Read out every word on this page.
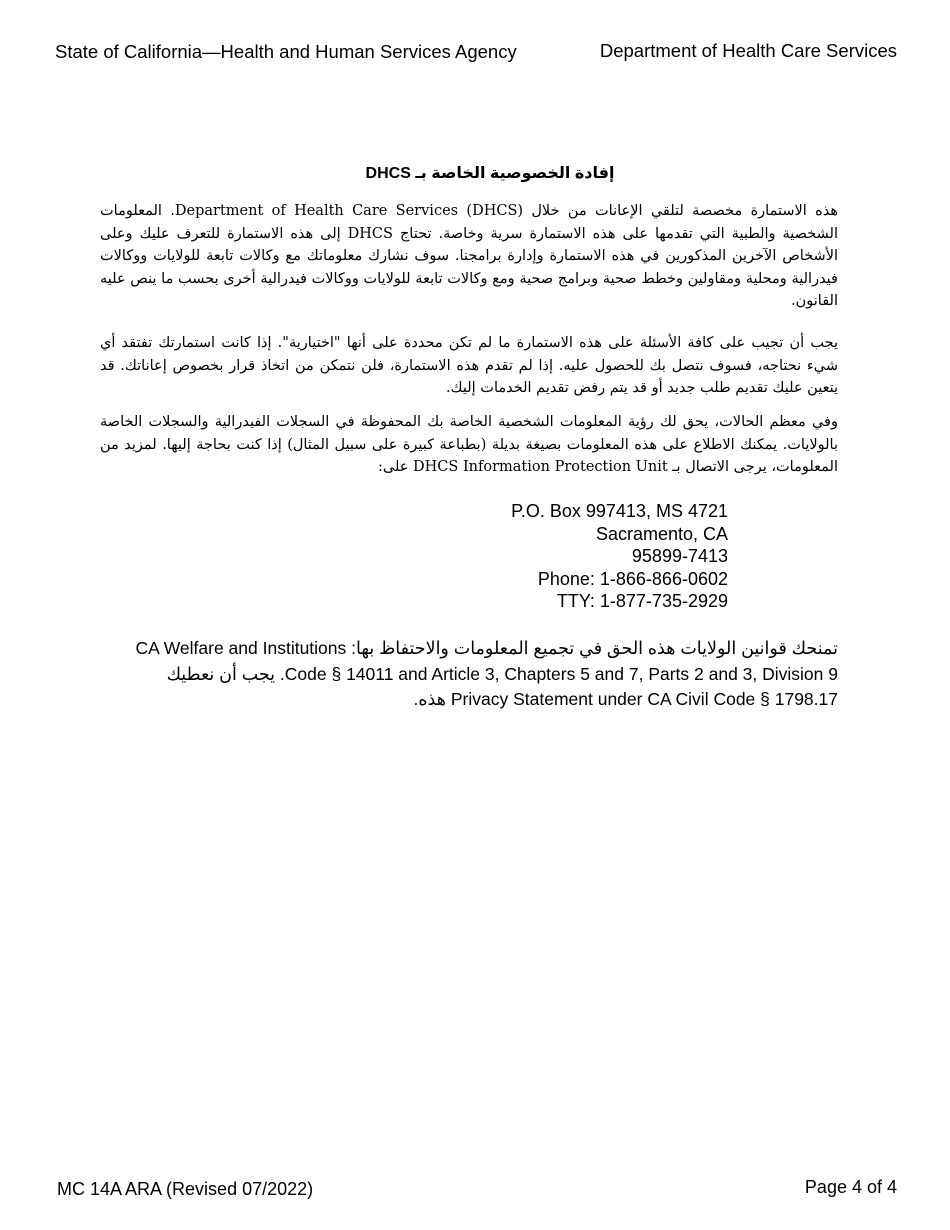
State of California—Health and Human Services Agency	Department of Health Care Services
إفادة الخصوصية الخاصة بـ DHCS

هذه الاستمارة مخصصة لتلقي الإعانات من خلال Department of Health Care Services (DHCS). المعلومات الشخصية والطبية التي تقدمها على هذه الاستمارة سرية وخاصة. تحتاج DHCS إلى هذه الاستمارة للتعرف عليك وعلى الأشخاص الآخرين المذكورين في هذه الاستمارة وإدارة برامجنا. سوف نشارك معلوماتك مع وكالات تابعة للولايات ووكالات فيدرالية ومحلية ومقاولين وخطط صحية وبرامج صحية ومع وكالات تابعة للولايات ووكالات فيدرالية أخرى بحسب ما ينص عليه القانون.

يجب أن تجيب على كافة الأسئلة على هذه الاستمارة ما لم تكن محددة على أنها "اختيارية". إذا كانت استمارتك تفتقد أي شيء نحتاجه، فسوف نتصل بك للحصول عليه. إذا لم تقدم هذه الاستمارة، فلن نتمكن من اتخاذ قرار بخصوص إعاناتك. قد يتعين عليك تقديم طلب جديد أو قد يتم رفض تقديم الخدمات إليك.

وفي معظم الحالات، يحق لك رؤية المعلومات الشخصية الخاصة بك المحفوظة في السجلات الفيدرالية والسجلات الخاصة بالولايات. يمكنك الاطلاع على هذه المعلومات بصيغة بديلة (بطباعة كبيرة على سبيل المثال) إذا كنت بحاجة إليها. لمزيد من المعلومات، يرجى الاتصال بـ DHCS Information Protection Unit على:

P.O. Box 997413, MS 4721
Sacramento, CA
95899-7413
Phone: 1-866-866-0602
TTY: 1-877-735-2929

تمنحك قوانين الولايات هذه الحق في تجميع المعلومات والاحتفاظ بها: CA Welfare and Institutions Code § 14011 and Article 3, Chapters 5 and 7, Parts 2 and 3, Division 9. يجب أن نعطيك Privacy Statement under CA Civil Code § 1798.17 هذه.

MC 14A ARA (Revised 07/2022)	Page 4 of 4
